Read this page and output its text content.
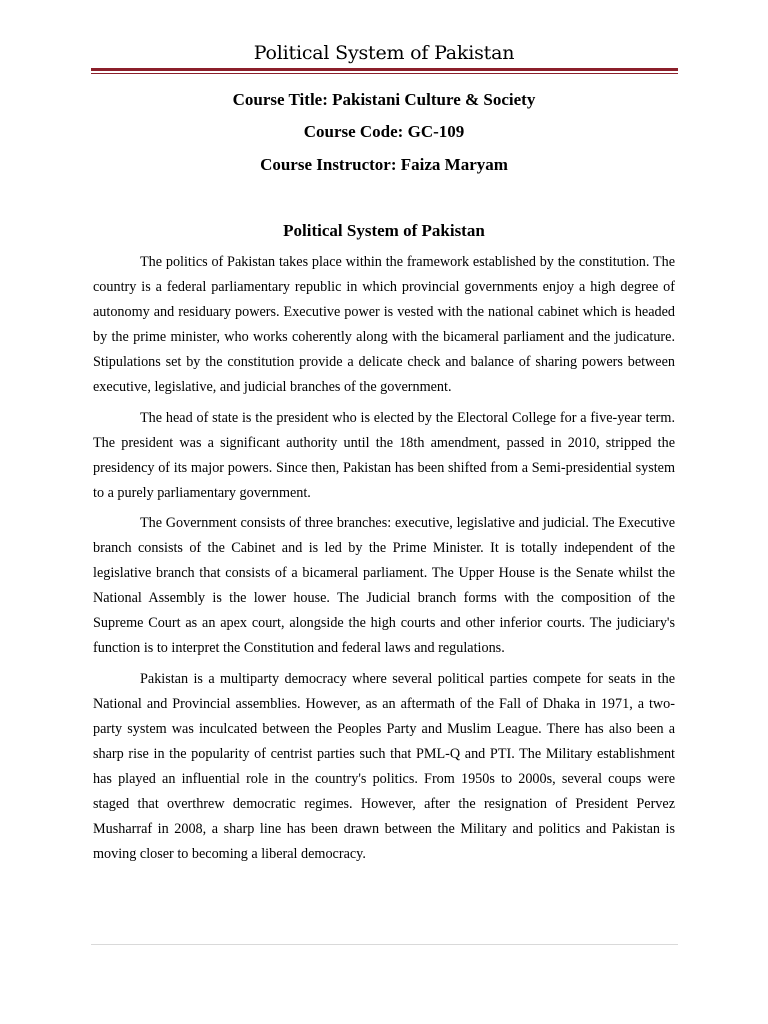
Political System of Pakistan
Course Title: Pakistani Culture & Society
Course Code: GC-109
Course Instructor: Faiza Maryam
Political System of Pakistan

The politics of Pakistan takes place within the framework established by the constitution. The country is a federal parliamentary republic in which provincial governments enjoy a high degree of autonomy and residuary powers. Executive power is vested with the national cabinet which is headed by the prime minister, who works coherently along with the bicameral parliament and the judicature. Stipulations set by the constitution provide a delicate check and balance of sharing powers between executive, legislative, and judicial branches of the government.

The head of state is the president who is elected by the Electoral College for a five-year term. The president was a significant authority until the 18th amendment, passed in 2010, stripped the presidency of its major powers. Since then, Pakistan has been shifted from a Semi-presidential system to a purely parliamentary government.

The Government consists of three branches: executive, legislative and judicial. The Executive branch consists of the Cabinet and is led by the Prime Minister. It is totally independent of the legislative branch that consists of a bicameral parliament. The Upper House is the Senate whilst the National Assembly is the lower house. The Judicial branch forms with the composition of the Supreme Court as an apex court, alongside the high courts and other inferior courts. The judiciary's function is to interpret the Constitution and federal laws and regulations.

Pakistan is a multiparty democracy where several political parties compete for seats in the National and Provincial assemblies. However, as an aftermath of the Fall of Dhaka in 1971, a two-party system was inculcated between the Peoples Party and Muslim League. There has also been a sharp rise in the popularity of centrist parties such that PML-Q and PTI. The Military establishment has played an influential role in the country's politics. From 1950s to 2000s, several coups were staged that overthrew democratic regimes. However, after the resignation of President Pervez Musharraf in 2008, a sharp line has been drawn between the Military and politics and Pakistan is moving closer to becoming a liberal democracy.
